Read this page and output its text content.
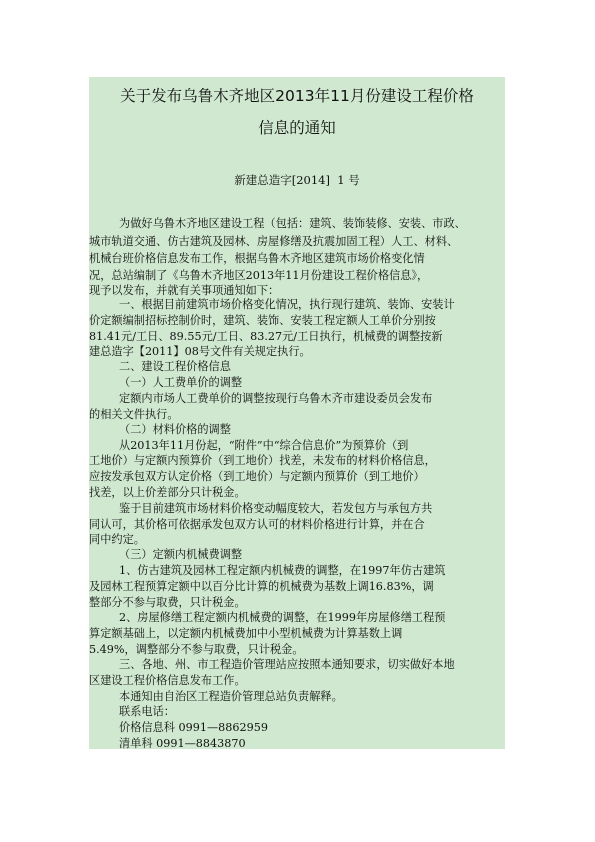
关于发布乌鲁木齐地区2013年11月份建设工程价格
信息的通知
新建总造字[2014]  1 号
为做好乌鲁木齐地区建设工程（包括：建筑、装饰装修、安装、市政、
城市轨道交通、仿古建筑及园林、房屋修缮及抗震加固工程）人工、材料、
机械台班价格信息发布工作，根据乌鲁木齐地区建筑市场价格变化情
况，总站编制了《乌鲁木齐地区2013年11月份建设工程价格信息》，
现予以发布，并就有关事项通知如下：
一、根据目前建筑市场价格变化情况，执行现行建筑、装饰、安装计
价定额编制招标控制价时，建筑、装饰、安装工程定额人工单价分别按
81.41元/工日、89.55元/工日、83.27元/工日执行，机械费的调整按新
建总造字【2011】08号文件有关规定执行。
二、建设工程价格信息
（一）人工费单价的调整
定额内市场人工费单价的调整按现行乌鲁木齐市建设委员会发布
的相关文件执行。
（二）材料价格的调整
从2013年11月份起，“附件”中“综合信息价”为预算价（到
工地价）与定额内预算价（到工地价）找差，未发布的材料价格信息，
应按发承包双方认定价格（到工地价）与定额内预算价（到工地价）
找差，以上价差部分只计税金。
鉴于目前建筑市场材料价格变动幅度较大，若发包方与承包方共
同认可，其价格可依据承发包双方认可的材料价格进行计算，并在合
同中约定。
（三）定额内机械费调整
1、仿古建筑及园林工程定额内机械费的调整，在1997年仿古建筑
及园林工程预算定额中以百分比计算的机械费为基数上调16.83%，调
整部分不参与取费，只计税金。
2、房屋修缮工程定额内机械费的调整，在1999年房屋修缮工程预
算定额基础上，以定额内机械费加中小型机械费为计算基数上调
5.49%，调整部分不参与取费，只计税金。
三、各地、州、市工程造价管理站应按照本通知要求，切实做好本地
区建设工程价格信息发布工作。
本通知由自治区工程造价管理总站负责解释。
联系电话：
价格信息科 0991—8862959
清单科 0991—8843870
